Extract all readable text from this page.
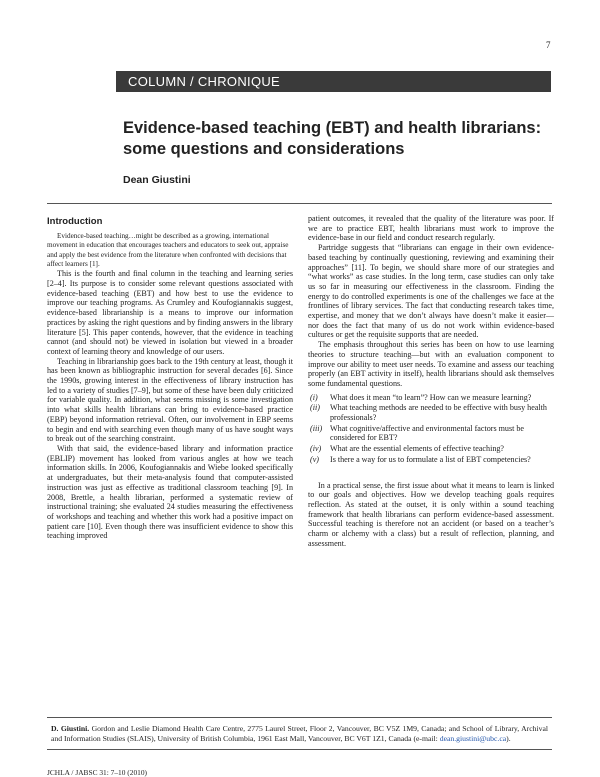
7
COLUMN / CHRONIQUE
Evidence-based teaching (EBT) and health librarians: some questions and considerations

Dean Giustini

Introduction

Evidence-based teaching…might be described as a growing, international movement in education that encourages teachers and educators to seek out, appraise and apply the best evidence from the literature when confronted with decisions that affect learners [1].

This is the fourth and final column in the teaching and learning series [2–4]. Its purpose is to consider some relevant questions associated with evidence-based teaching (EBT) and how best to use the evidence to improve our teaching programs. As Crumley and Koufogiannakis suggest, evidence-based librarianship is a means to improve our information practices by asking the right questions and by finding answers in the library literature [5]. This paper contends, however, that the evidence in teaching cannot (and should not) be viewed in isolation but viewed in a broader context of learning theory and knowledge of our users.

Teaching in librarianship goes back to the 19th century at least, though it has been known as bibliographic instruction for several decades [6]. Since the 1990s, growing interest in the effectiveness of library instruction has led to a variety of studies [7–9], but some of these have been duly criticized for variable quality. In addition, what seems missing is some investigation into what skills health librarians can bring to evidence-based practice (EBP) beyond information retrieval. Often, our involvement in EBP seems to begin and end with searching even though many of us have sought ways to break out of the searching constraint.

With that said, the evidence-based library and information practice (EBLIP) movement has looked from various angles at how we teach information skills. In 2006, Koufogiannakis and Wiebe looked specifically at undergraduates, but their meta-analysis found that computer-assisted instruction was just as effective as traditional classroom teaching [9]. In 2008, Brettle, a health librarian, performed a systematic review of instructional training; she evaluated 24 studies measuring the effectiveness of workshops and teaching and whether this work had a positive impact on patient care [10]. Even though there was insufficient evidence to show this teaching improved

patient outcomes, it revealed that the quality of the literature was poor. If we are to practice EBT, health librarians must work to improve the evidence-base in our field and conduct research regularly.

Partridge suggests that “librarians can engage in their own evidence-based teaching by continually questioning, reviewing and examining their approaches” [11]. To begin, we should share more of our strategies and “what works” as case studies. In the long term, case studies can only take us so far in measuring our effectiveness in the classroom. Finding the energy to do controlled experiments is one of the challenges we face at the frontlines of library services. The fact that conducting research takes time, expertise, and money that we don’t always have doesn’t make it easier—nor does the fact that many of us do not work within evidence-based cultures or get the requisite supports that are needed.

The emphasis throughout this series has been on how to use learning theories to structure teaching—but with an evaluation component to improve our ability to meet user needs. To examine and assess our teaching properly (an EBT activity in itself), health librarians should ask themselves some fundamental questions.

(i) What does it mean “to learn”? How can we measure learning?
(ii) What teaching methods are needed to be effective with busy health professionals?
(iii) What cognitive/affective and environmental factors must be considered for EBT?
(iv) What are the essential elements of effective teaching?
(v) Is there a way for us to formulate a list of EBT competencies?

In a practical sense, the first issue about what it means to learn is linked to our goals and objectives. How we develop teaching goals requires reflection. As stated at the outset, it is only within a sound teaching framework that health librarians can perform evidence-based assessment. Successful teaching is therefore not an accident (or based on a teacher’s charm or alchemy with a class) but a result of reflection, planning, and assessment.

D. Giustini. Gordon and Leslie Diamond Health Care Centre, 2775 Laurel Street, Floor 2, Vancouver, BC V5Z 1M9, Canada; and School of Library, Archival and Information Studies (SLAIS), University of British Columbia, 1961 East Mall, Vancouver, BC V6T 1Z1, Canada (e-mail: dean.giustini@ubc.ca).

JCHLA / JABSC 31: 7–10 (2010)
